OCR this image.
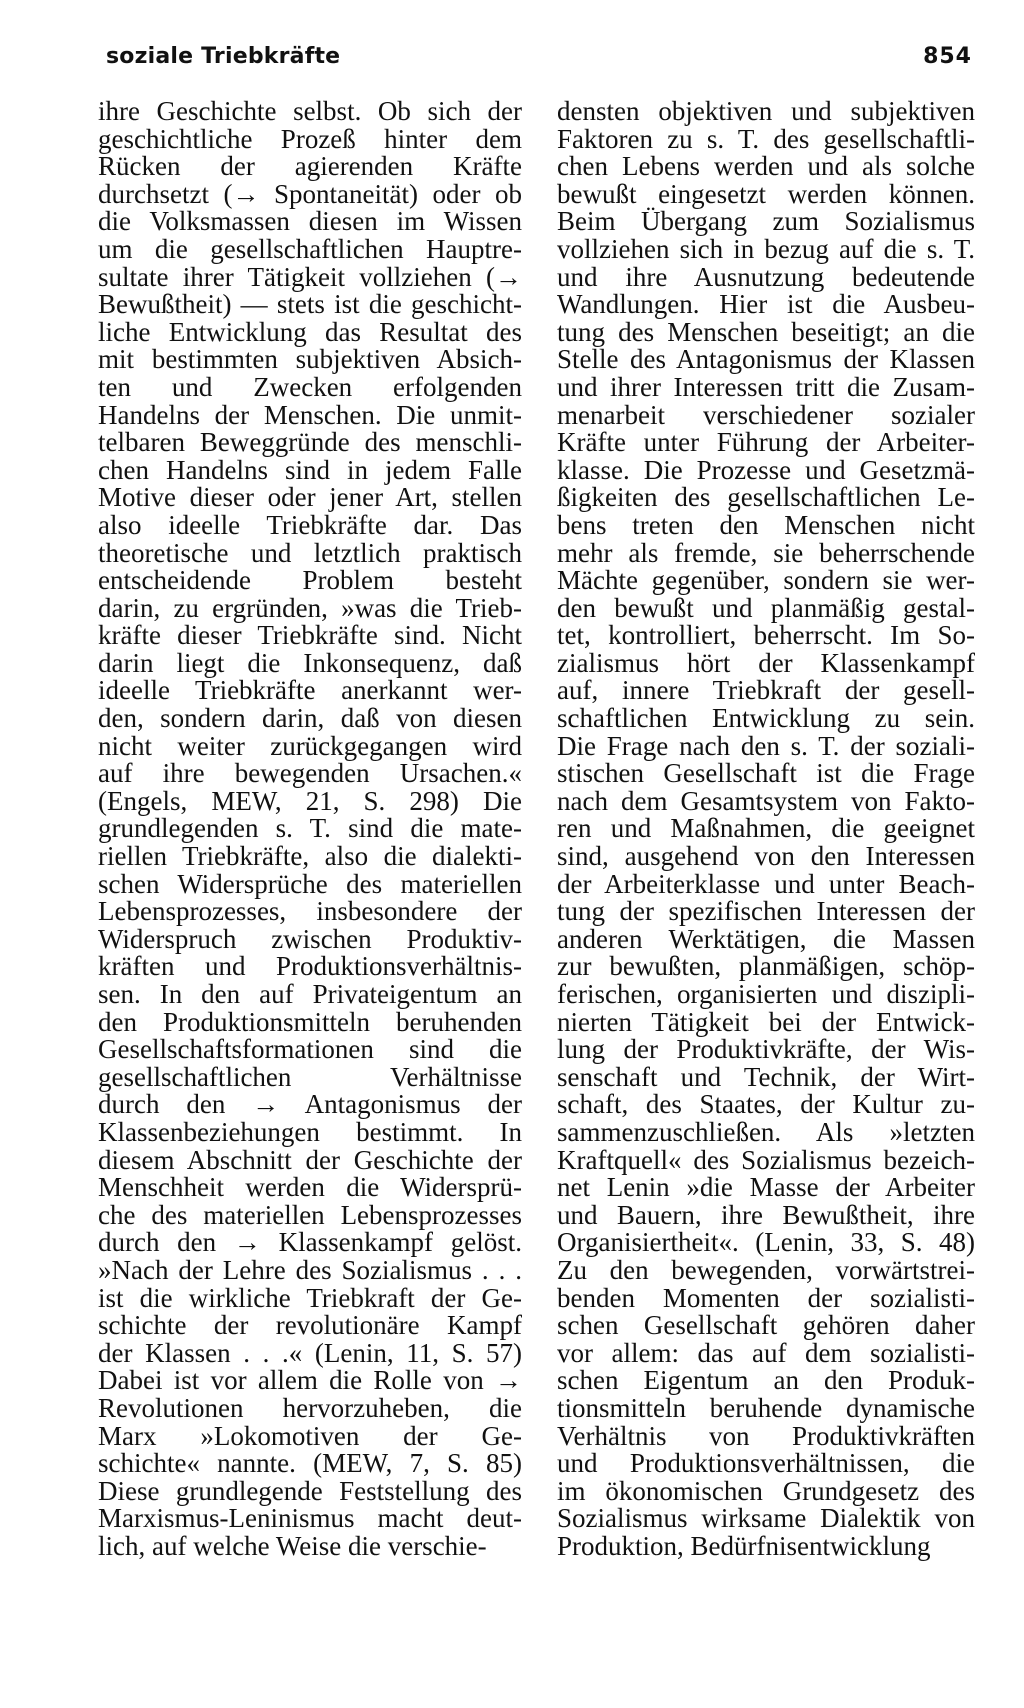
soziale Triebkräfte	854
ihre Geschichte selbst. Ob sich der
geschichtliche Prozeß hinter dem
Rücken der agierenden Kräfte
durchsetzt (→ Spontaneität) oder ob
die Volksmassen diesen im Wissen
um die gesellschaftlichen Hauptre-
sultate ihrer Tätigkeit vollziehen (→
Bewußtheit) — stets ist die geschicht-
liche Entwicklung das Resultat des
mit bestimmten subjektiven Absich-
ten und Zwecken erfolgenden
Handelns der Menschen. Die unmit-
telbaren Beweggründe des menschli-
chen Handelns sind in jedem Falle
Motive dieser oder jener Art, stellen
also ideelle Triebkräfte dar. Das
theoretische und letztlich praktisch
entscheidende Problem besteht
darin, zu ergründen, »was die Trieb-
kräfte dieser Triebkräfte sind. Nicht
darin liegt die Inkonsequenz, daß
ideelle Triebkräfte anerkannt wer-
den, sondern darin, daß von diesen
nicht weiter zurückgegangen wird
auf ihre bewegenden Ursachen.«
(Engels, MEW, 21, S. 298) Die
grundlegenden s. T. sind die mate-
riellen Triebkräfte, also die dialekti-
schen Widersprüche des materiellen
Lebensprozesses, insbesondere der
Widerspruch zwischen Produktiv-
kräften und Produktionsverhältnis-
sen. In den auf Privateigentum an
den Produktionsmitteln beruhenden
Gesellschaftsformationen sind die
gesellschaftlichen Verhältnisse
durch den → Antagonismus der
Klassenbeziehungen bestimmt. In
diesem Abschnitt der Geschichte der
Menschheit werden die Widersprü-
che des materiellen Lebensprozesses
durch den → Klassenkampf gelöst.
»Nach der Lehre des Sozialismus . . .
ist die wirkliche Triebkraft der Ge-
schichte der revolutionäre Kampf
der Klassen . . .« (Lenin, 11, S. 57)
Dabei ist vor allem die Rolle von →
Revolutionen hervorzuheben, die
Marx »Lokomotiven der Ge-
schichte« nannte. (MEW, 7, S. 85)
Diese grundlegende Feststellung des
Marxismus-Leninismus macht deut-
lich, auf welche Weise die verschie-
densten objektiven und subjektiven
Faktoren zu s. T. des gesellschaftli-
chen Lebens werden und als solche
bewußt eingesetzt werden können.
Beim Übergang zum Sozialismus
vollziehen sich in bezug auf die s. T.
und ihre Ausnutzung bedeutende
Wandlungen. Hier ist die Ausbeu-
tung des Menschen beseitigt; an die
Stelle des Antagonismus der Klassen
und ihrer Interessen tritt die Zusam-
menarbeit verschiedener sozialer
Kräfte unter Führung der Arbeiter-
klasse. Die Prozesse und Gesetzmä-
ßigkeiten des gesellschaftlichen Le-
bens treten den Menschen nicht
mehr als fremde, sie beherrschende
Mächte gegenüber, sondern sie wer-
den bewußt und planmäßig gestal-
tet, kontrolliert, beherrscht. Im So-
zialismus hört der Klassenkampf
auf, innere Triebkraft der gesell-
schaftlichen Entwicklung zu sein.
Die Frage nach den s. T. der soziali-
stischen Gesellschaft ist die Frage
nach dem Gesamtsystem von Fakto-
ren und Maßnahmen, die geeignet
sind, ausgehend von den Interessen
der Arbeiterklasse und unter Beach-
tung der spezifischen Interessen der
anderen Werktätigen, die Massen
zur bewußten, planmäßigen, schöp-
ferischen, organisierten und diszipli-
nierten Tätigkeit bei der Entwick-
lung der Produktivkräfte, der Wis-
senschaft und Technik, der Wirt-
schaft, des Staates, der Kultur zu-
sammenzuschließen. Als »letzten
Kraftquell« des Sozialismus bezeich-
net Lenin »die Masse der Arbeiter
und Bauern, ihre Bewußtheit, ihre
Organisiertheit«. (Lenin, 33, S. 48)
Zu den bewegenden, vorwärtstrei-
benden Momenten der sozialisti-
schen Gesellschaft gehören daher
vor allem: das auf dem sozialisti-
schen Eigentum an den Produk-
tionsmitteln beruhende dynamische
Verhältnis von Produktivkräften
und Produktionsverhältnissen, die
im ökonomischen Grundgesetz des
Sozialismus wirksame Dialektik von
Produktion, Bedürfnisentwicklung
